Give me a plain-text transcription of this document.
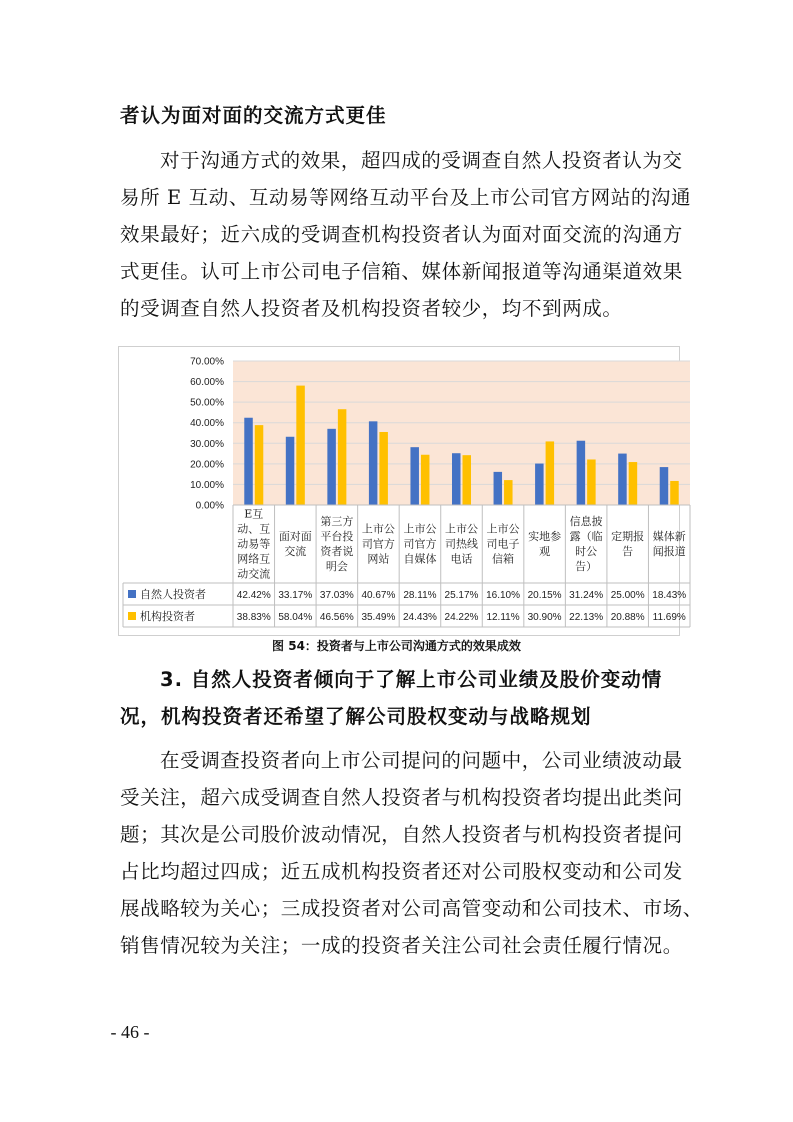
者认为面对面的交流方式更佳
对于沟通方式的效果，超四成的受调查自然人投资者认为交
易所 E 互动、互动易等网络互动平台及上市公司官方网站的沟通
效果最好；近六成的受调查机构投资者认为面对面交流的沟通方
式更佳。认可上市公司电子信箱、媒体新闻报道等沟通渠道效果
的受调查自然人投资者及机构投资者较少，均不到两成。
0.00%
10.00%
20.00%
30.00%
40.00%
50.00%
60.00%
70.00%
E互
动、互
动易等
网络互
动交流
面对面
交流
第三方
平台投
资者说
明会
上市公
司官方
网站
上市公
司官方
自媒体
上市公
司热线
电话
上市公
司电子
信箱
实地参
观
信息披
露（临
时公
告）
定期报
告
媒体新
闻报道
自然人投资者	42.42% 33.17% 37.03% 40.67% 28.11% 25.17% 16.10% 20.15% 31.24% 25.00% 18.43%
机构投资者	38.83% 58.04% 46.56% 35.49% 24.43% 24.22% 12.11% 30.90% 22.13% 20.88% 11.69%
图 54：投资者与上市公司沟通方式的效果成效
3. 自然人投资者倾向于了解上市公司业绩及股价变动情
况，机构投资者还希望了解公司股权变动与战略规划
在受调查投资者向上市公司提问的问题中，公司业绩波动最
受关注，超六成受调查自然人投资者与机构投资者均提出此类问
题；其次是公司股价波动情况，自然人投资者与机构投资者提问
占比均超过四成；近五成机构投资者还对公司股权变动和公司发
展战略较为关心；三成投资者对公司高管变动和公司技术、市场、
销售情况较为关注；一成的投资者关注公司社会责任履行情况。
- 46 -
